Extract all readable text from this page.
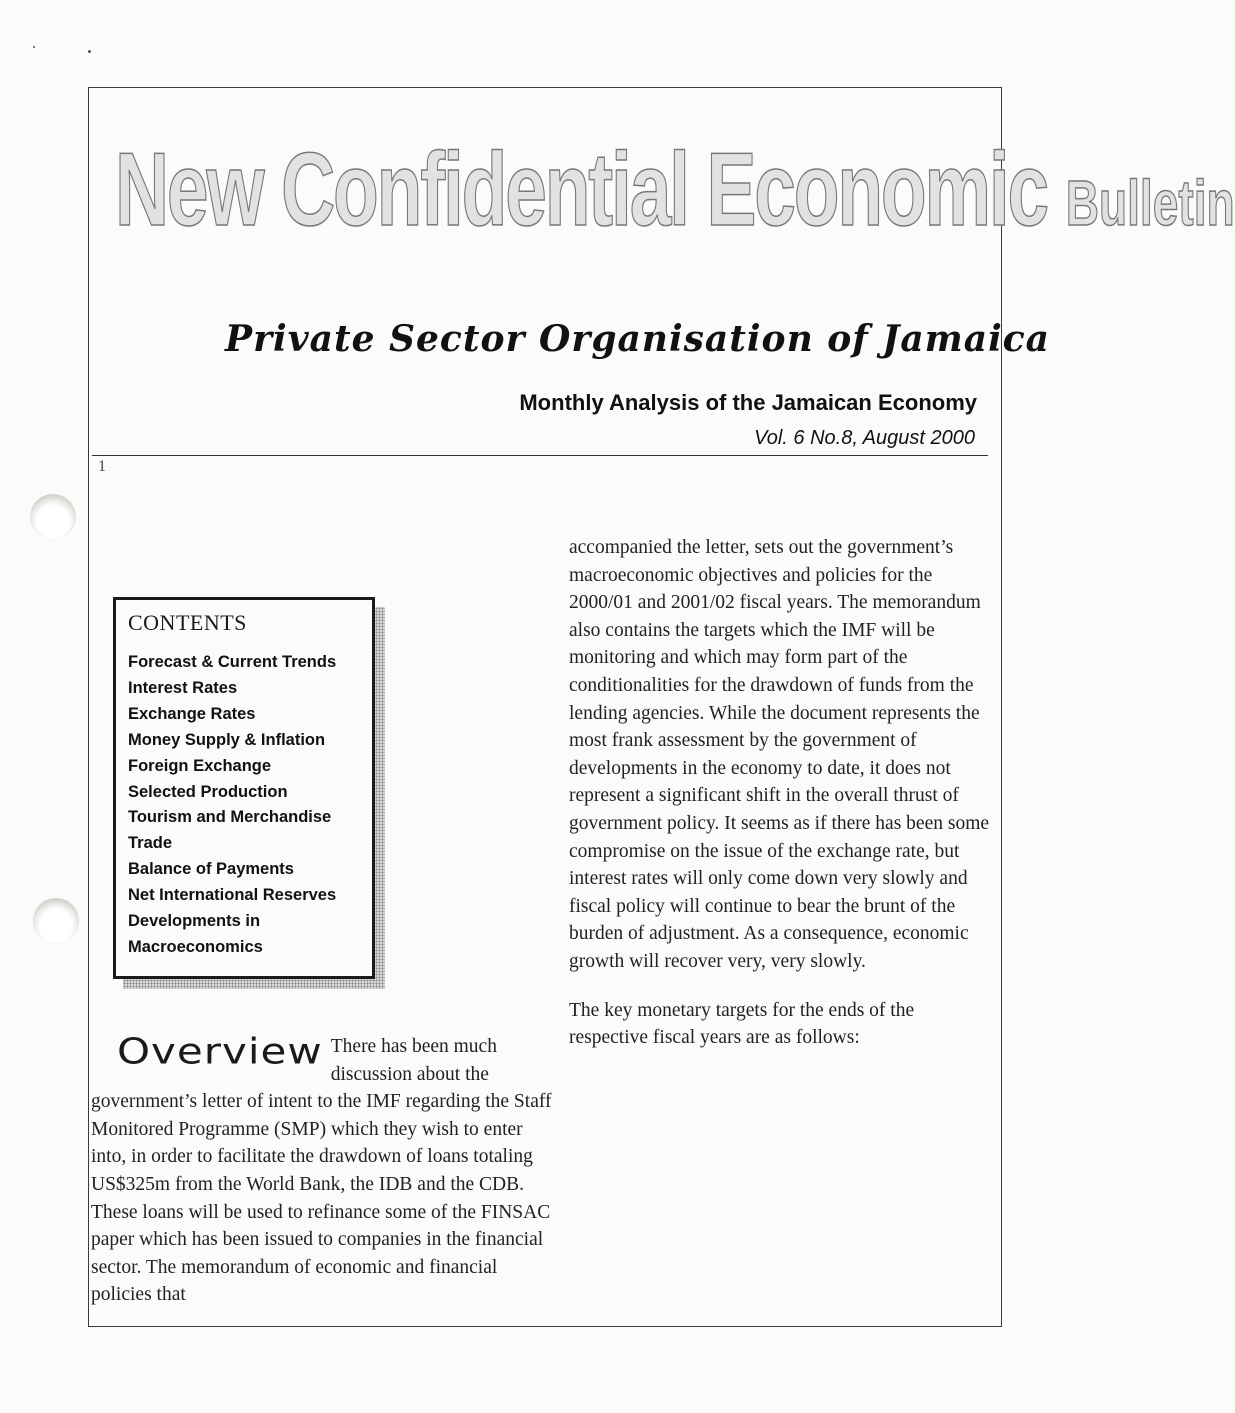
New Confidential Economic Bulletin
Private Sector Organisation of Jamaica
Monthly Analysis of the Jamaican Economy
Vol. 6 No.8, August 2000
1
CONTENTS
Forecast & Current Trends
Interest Rates
Exchange Rates
Money Supply & Inflation
Foreign Exchange
Selected Production
Tourism and Merchandise
Trade
Balance of Payments
Net International Reserves
Developments in
Macroeconomics

accompanied the letter, sets out the government’s macroeconomic objectives and policies for the 2000/01 and 2001/02 fiscal years. The memorandum also contains the targets which the IMF will be monitoring and which may form part of the conditionalities for the drawdown of funds from the lending agencies. While the document represents the most frank assessment by the government of developments in the economy to date, it does not represent a significant shift in the overall thrust of government policy. It seems as if there has been some compromise on the issue of the exchange rate, but interest rates will only come down very slowly and fiscal policy will continue to bear the brunt of the burden of adjustment. As a consequence, economic growth will recover very, very slowly.

The key monetary targets for the ends of the respective fiscal years are as follows:

Overview There has been much discussion about the government’s letter of intent to the IMF regarding the Staff Monitored Programme (SMP) which they wish to enter into, in order to facilitate the drawdown of loans totaling US$325m from the World Bank, the IDB and the CDB. These loans will be used to refinance some of the FINSAC paper which has been issued to companies in the financial sector. The memorandum of economic and financial policies that
